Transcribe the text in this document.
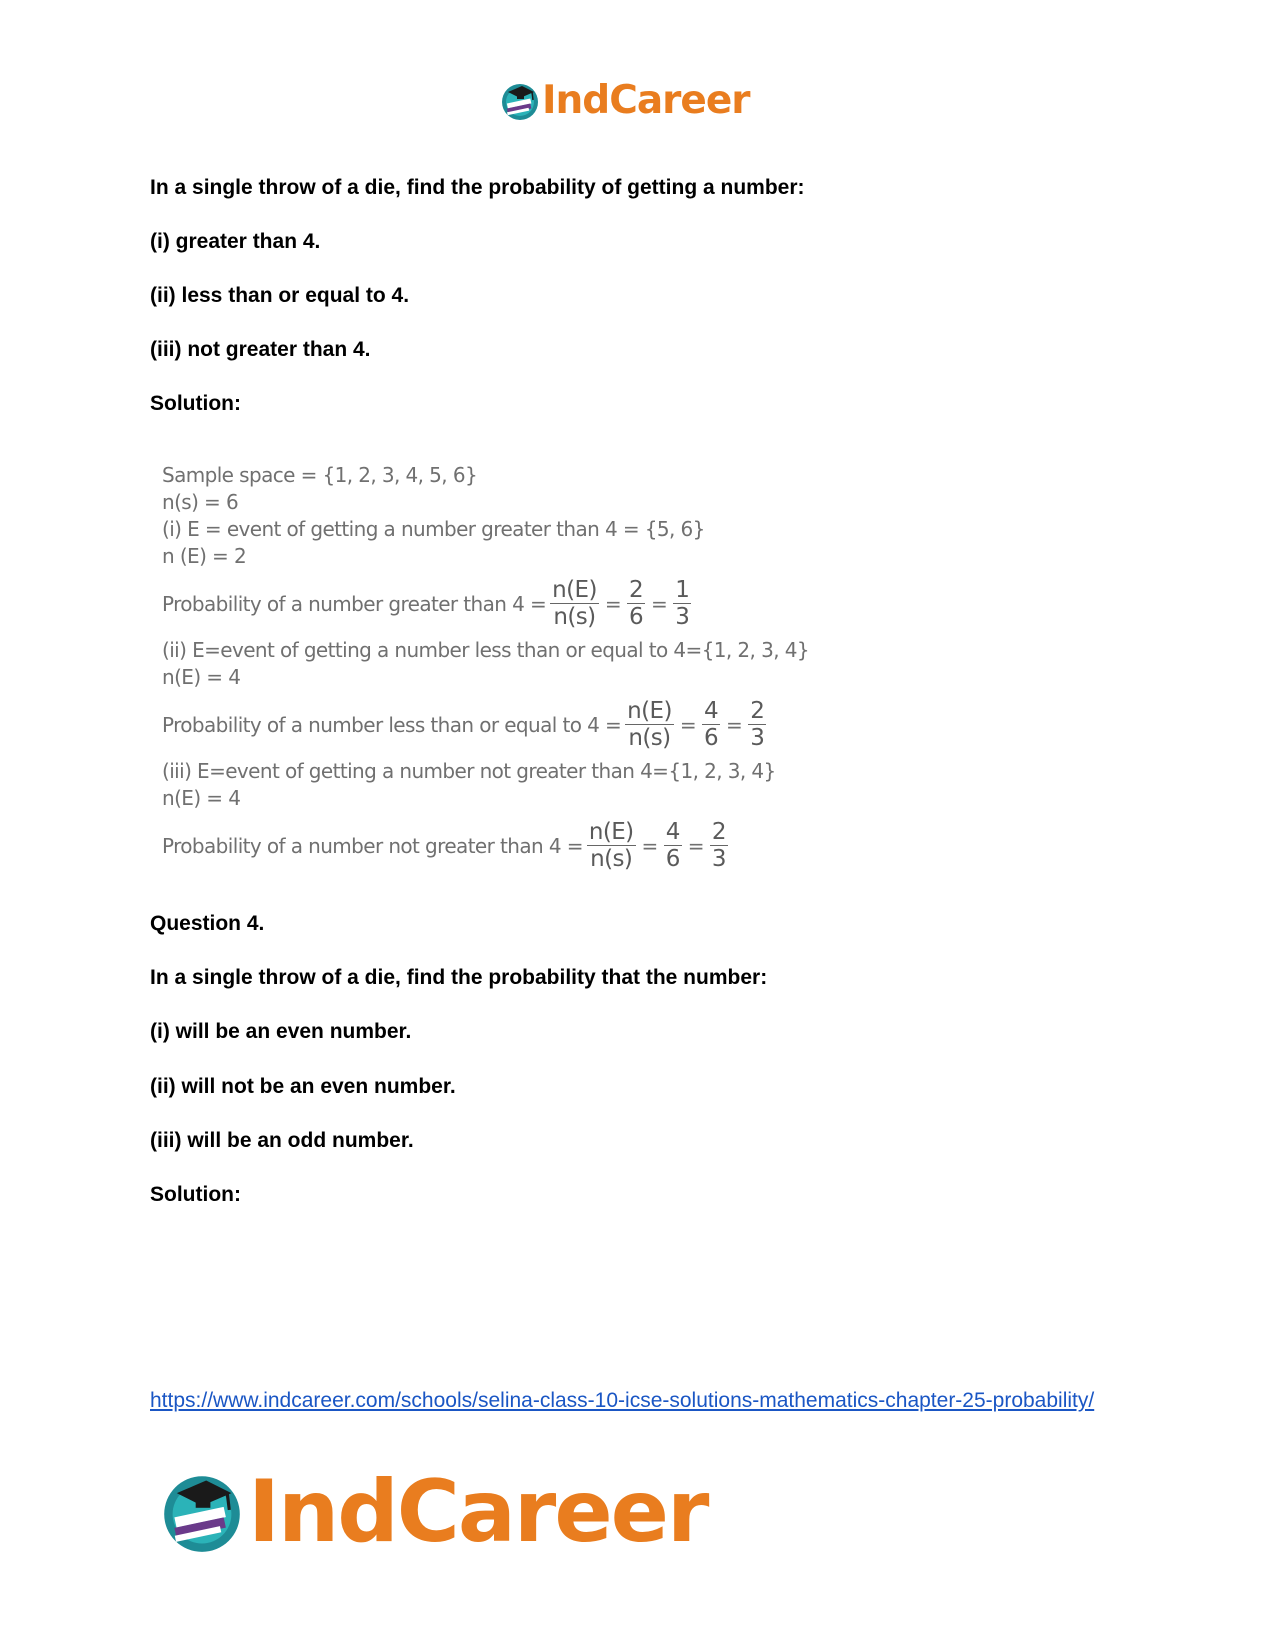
IndCareer

In a single throw of a die, find the probability of getting a number:

(i) greater than 4.

(ii) less than or equal to 4.

(iii) not greater than 4.

Solution:

Sample space = {1, 2, 3, 4, 5, 6}
n(s) = 6
(i) E = event of getting a number greater than 4 = {5, 6}
n (E) = 2
Probability of a number greater than $4 = \frac{n(E)}{n(s)} = \frac{2}{6} = \frac{1}{3}$
(ii) E=event of getting a number less than or equal to 4={1, 2, 3, 4}
n(E) = 4
Probability of a number less than or equal to $4 = \frac{n(E)}{n(s)} = \frac{4}{6} = \frac{2}{3}$
(iii) E=event of getting a number not greater than 4={1, 2, 3, 4}
n(E) = 4
Probability of a number not greater than $4 = \frac{n(E)}{n(s)} = \frac{4}{6} = \frac{2}{3}$

Question 4.

In a single throw of a die, find the probability that the number:

(i) will be an even number.

(ii) will not be an even number.

(iii) will be an odd number.

Solution:

https://www.indcareer.com/schools/selina-class-10-icse-solutions-mathematics-chapter-25-probability/
IndCareer
